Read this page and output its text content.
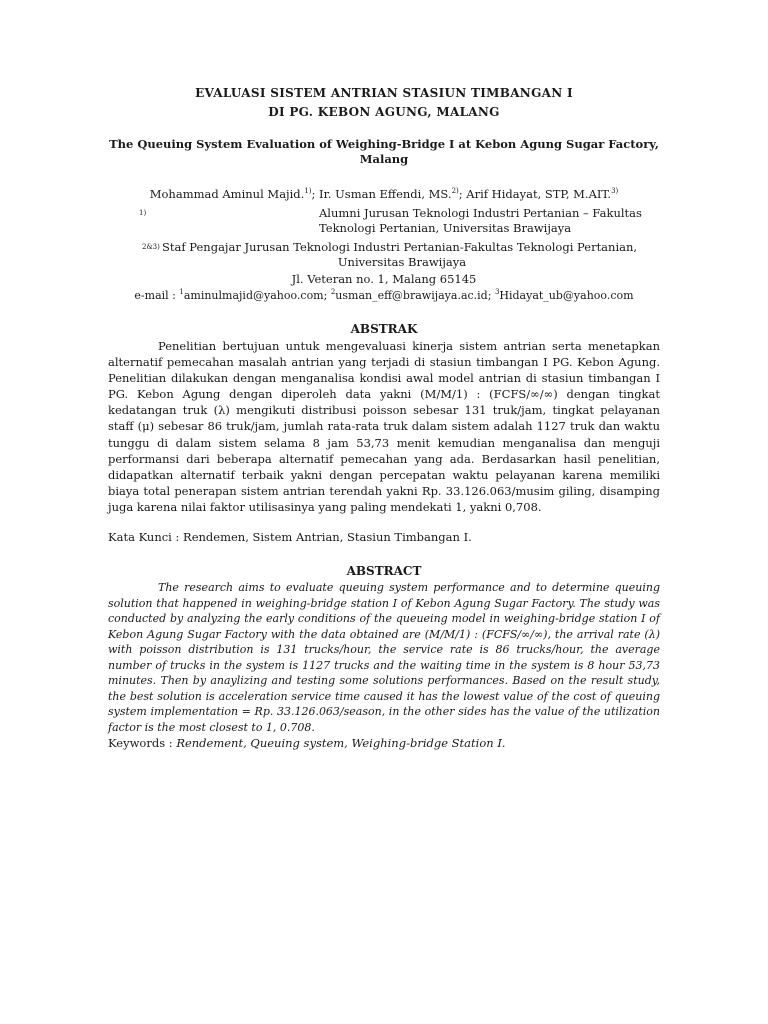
EVALUASI SISTEM ANTRIAN STASIUN TIMBANGAN I
DI PG. KEBON AGUNG, MALANG
The Queuing System Evaluation of Weighing-Bridge I at Kebon Agung Sugar Factory,
Malang
Mohammad Aminul Majid.$^{1)}$; Ir. Usman Effendi, MS.$^{2)}$; Arif Hidayat, STP, M.AIT.$^{3)}$
1)	Alumni Jurusan Teknologi Industri Pertanian – Fakultas
Teknologi Pertanian, Universitas Brawijaya
2&3) Staf Pengajar Jurusan Teknologi Industri Pertanian-Fakultas Teknologi Pertanian,
Universitas Brawijaya
Jl. Veteran no. 1, Malang 65145
e-mail : $^1$aminulmajid@yahoo.com; $^2$usman_eff@brawijaya.ac.id; $^3$Hidayat_ub@yahoo.com
ABSTRAK
Penelitian bertujuan untuk mengevaluasi kinerja sistem antrian serta menetapkan alternatif pemecahan masalah antrian yang terjadi di stasiun timbangan I PG. Kebon Agung. Penelitian dilakukan dengan menganalisa kondisi awal model antrian di stasiun timbangan I PG. Kebon Agung dengan diperoleh data yakni (M/M/1) : (FCFS/∞/∞) dengan tingkat kedatangan truk (λ) mengikuti distribusi poisson sebesar 131 truk/jam, tingkat pelayanan staff (μ) sebesar 86 truk/jam, jumlah rata-rata truk dalam sistem adalah 1127 truk dan waktu tunggu di dalam sistem selama 8 jam 53,73 menit kemudian menganalisa dan menguji performansi dari beberapa alternatif pemecahan yang ada. Berdasarkan hasil penelitian, didapatkan alternatif terbaik yakni dengan percepatan waktu pelayanan karena memiliki biaya total penerapan sistem antrian terendah yakni Rp. 33.126.063/musim giling, disamping juga karena nilai faktor utilisasinya yang paling mendekati 1, yakni 0,708.
Kata Kunci : Rendemen, Sistem Antrian, Stasiun Timbangan I.
ABSTRACT
The research aims to evaluate queuing system performance and to determine queuing solution that happened in weighing-bridge station I of Kebon Agung Sugar Factory. The study was conducted by analyzing the early conditions of the queueing model in weighing-bridge station I of Kebon Agung Sugar Factory with the data obtained are (M/M/1) : (FCFS/∞/∞), the arrival rate (λ) with poisson distribution is 131 trucks/hour, the service rate is 86 trucks/hour, the average number of trucks in the system is 1127 trucks and the waiting time in the system is 8 hour 53,73 minutes. Then by anaylizing and testing some solutions performances. Based on the result study, the best solution is acceleration service time caused it has the lowest value of the cost of queuing system implementation = Rp. 33.126.063/season, in the other sides has the value of the utilization factor is the most closest to 1, 0.708.
Keywords : Rendement, Queuing system, Weighing-bridge Station I.
